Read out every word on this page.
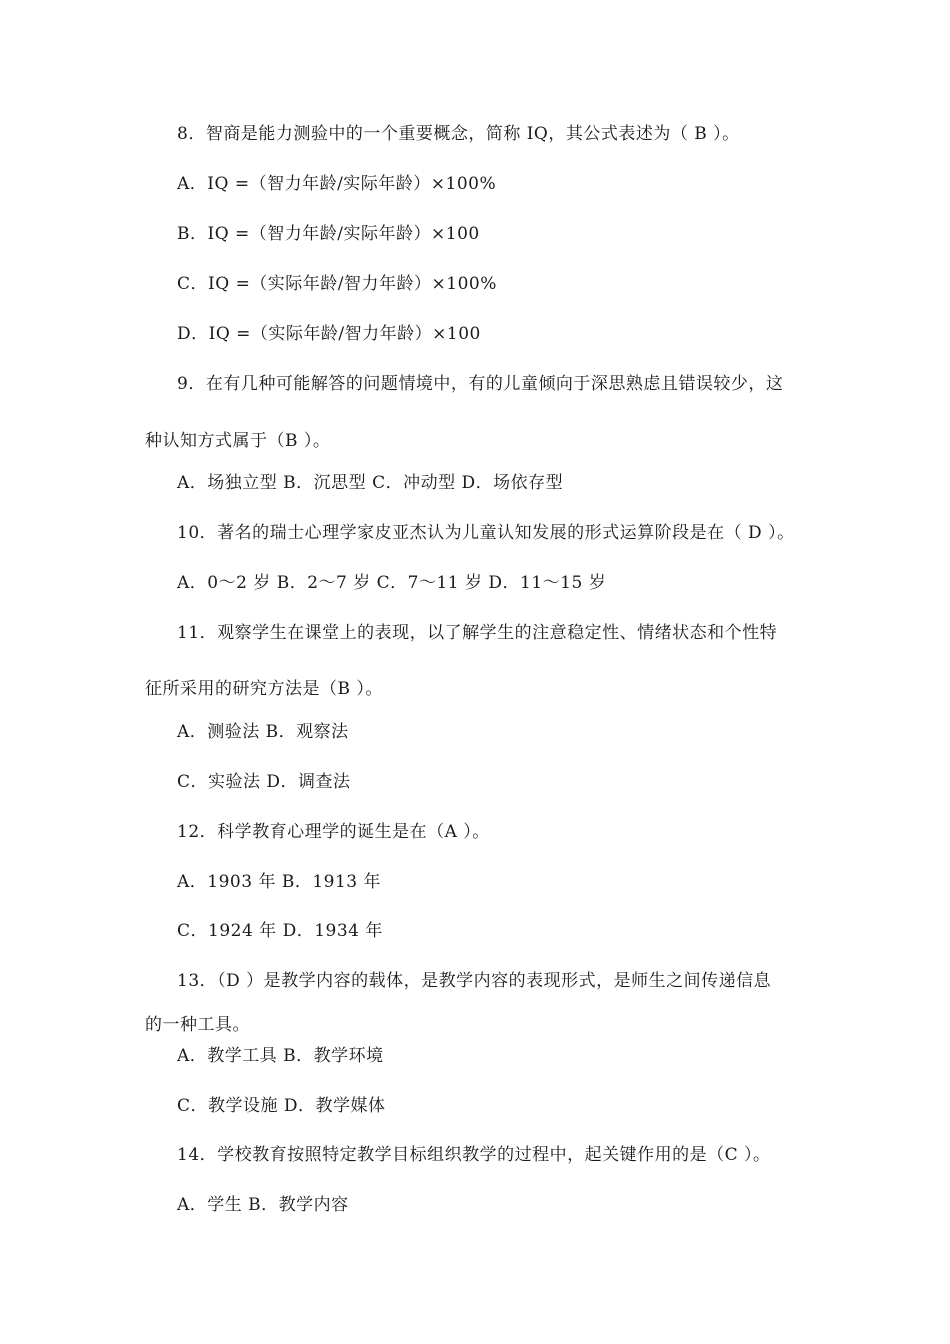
8．智商是能力测验中的一个重要概念，简称 IQ，其公式表述为（ B ）。
A．IQ =（智力年龄/实际年龄）×100%
B．IQ =（智力年龄/实际年龄）×100
C．IQ =（实际年龄/智力年龄）×100%
D．IQ =（实际年龄/智力年龄）×100
9．在有几种可能解答的问题情境中，有的儿童倾向于深思熟虑且错误较少，这
种认知方式属于（B ）。
A．场独立型 B．沉思型 C．冲动型 D．场依存型
10．著名的瑞士心理学家皮亚杰认为儿童认知发展的形式运算阶段是在（ D ）。
A．0～2 岁 B．2～7 岁 C．7～11 岁 D．11～15 岁
11．观察学生在课堂上的表现，以了解学生的注意稳定性、情绪状态和个性特
征所采用的研究方法是（B ）。
A．测验法 B．观察法
C．实验法 D．调查法
12．科学教育心理学的诞生是在（A ）。
A．1903 年 B．1913 年
C．1924 年 D．1934 年
13．（D ）是教学内容的载体，是教学内容的表现形式，是师生之间传递信息
的一种工具。
A．教学工具 B．教学环境
C．教学设施 D．教学媒体
14．学校教育按照特定教学目标组织教学的过程中，起关键作用的是（C ）。
A．学生 B．教学内容
